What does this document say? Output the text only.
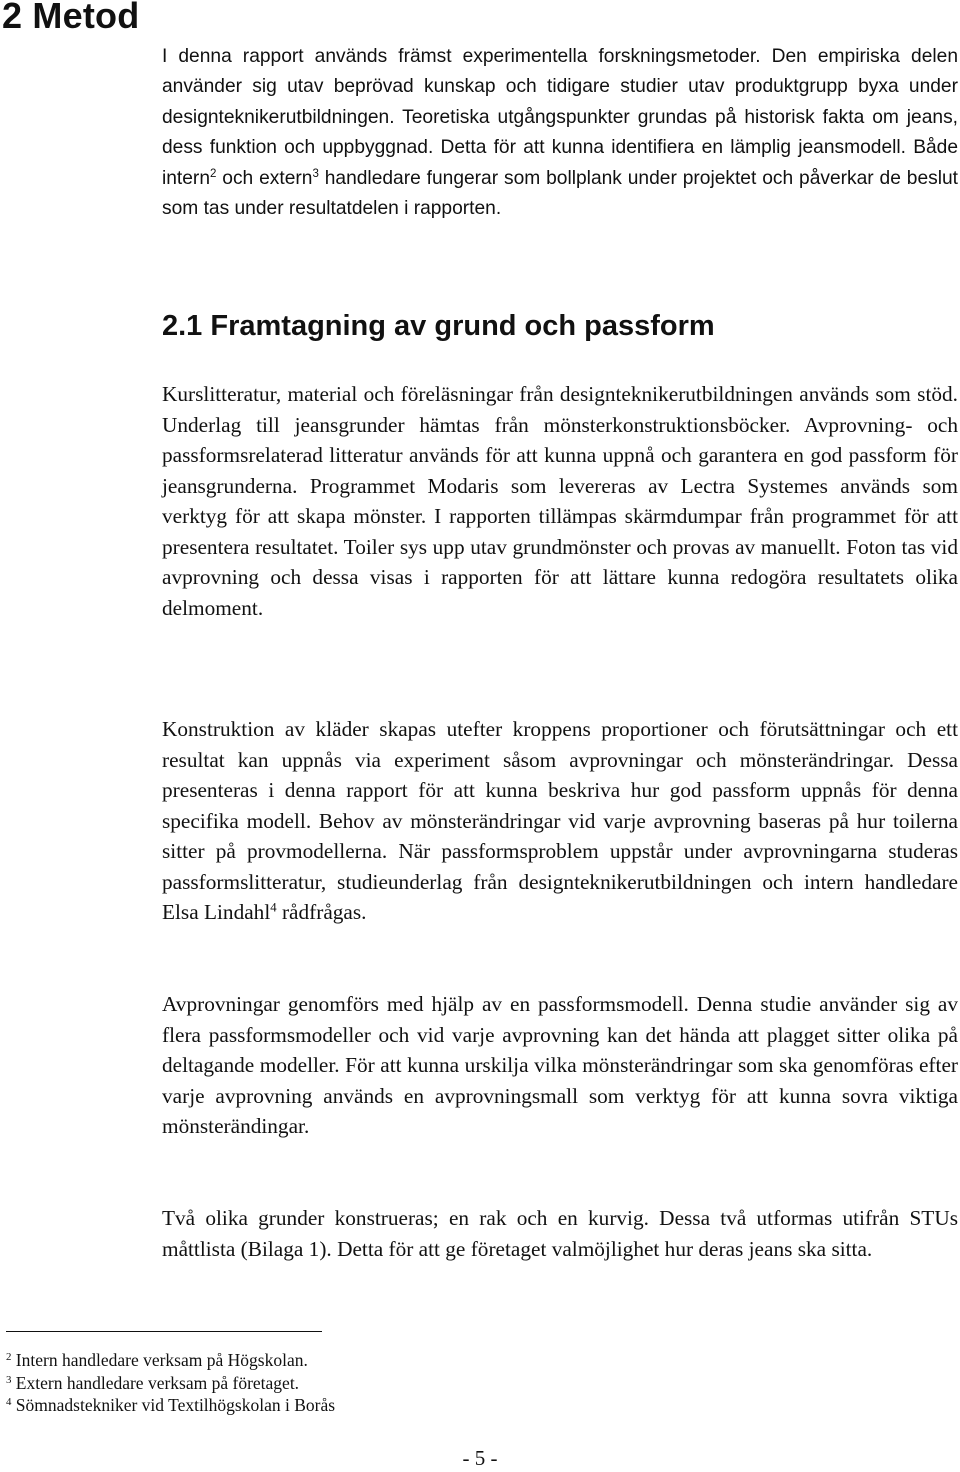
2 Metod

I denna rapport används främst experimentella forskningsmetoder. Den empiriska delen använder sig utav beprövad kunskap och tidigare studier utav produktgrupp byxa under designteknikerutbildningen. Teoretiska utgångspunkter grundas på historisk fakta om jeans, dess funktion och uppbyggnad. Detta för att kunna identifiera en lämplig jeansmodell. Både intern$^2$ och extern$^3$ handledare fungerar som bollplank under projektet och påverkar de beslut som tas under resultatdelen i rapporten.

2.1 Framtagning av grund och passform

Kurslitteratur, material och föreläsningar från designteknikerutbildningen används som stöd. Underlag till jeansgrunder hämtas från mönsterkonstruktionsböcker. Avprovning- och passformsrelaterad litteratur används för att kunna uppnå och garantera en god passform för jeansgrunderna. Programmet Modaris som levereras av Lectra Systemes används som verktyg för att skapa mönster. I rapporten tillämpas skärmdumpar från programmet för att presentera resultatet. Toiler sys upp utav grundmönster och provas av manuellt. Foton tas vid avprovning och dessa visas i rapporten för att lättare kunna redogöra resultatets olika delmoment.

Konstruktion av kläder skapas utefter kroppens proportioner och förutsättningar och ett resultat kan uppnås via experiment såsom avprovningar och mönsterändringar. Dessa presenteras i denna rapport för att kunna beskriva hur god passform uppnås för denna specifika modell. Behov av mönsterändringar vid varje avprovning baseras på hur toilerna sitter på provmodellerna. När passformsproblem uppstår under avprovningarna studeras passformslitteratur, studieunderlag från designteknikerutbildningen och intern handledare Elsa Lindahl$^4$ rådfrågas.

Avprovningar genomförs med hjälp av en passformsmodell. Denna studie använder sig av flera passformsmodeller och vid varje avprovning kan det hända att plagget sitter olika på deltagande modeller. För att kunna urskilja vilka mönsterändringar som ska genomföras efter varje avprovning används en avprovningsmall som verktyg för att kunna sovra viktiga mönsterändingar.

Två olika grunder konstrueras; en rak och en kurvig. Dessa två utformas utifrån STUs måttlista (Bilaga 1). Detta för att ge företaget valmöjlighet hur deras jeans ska sitta.

$^2$ Intern handledare verksam på Högskolan.
$^3$ Extern handledare verksam på företaget.
$^4$ Sömnadstekniker vid Textilhögskolan i Borås
- 5 -
